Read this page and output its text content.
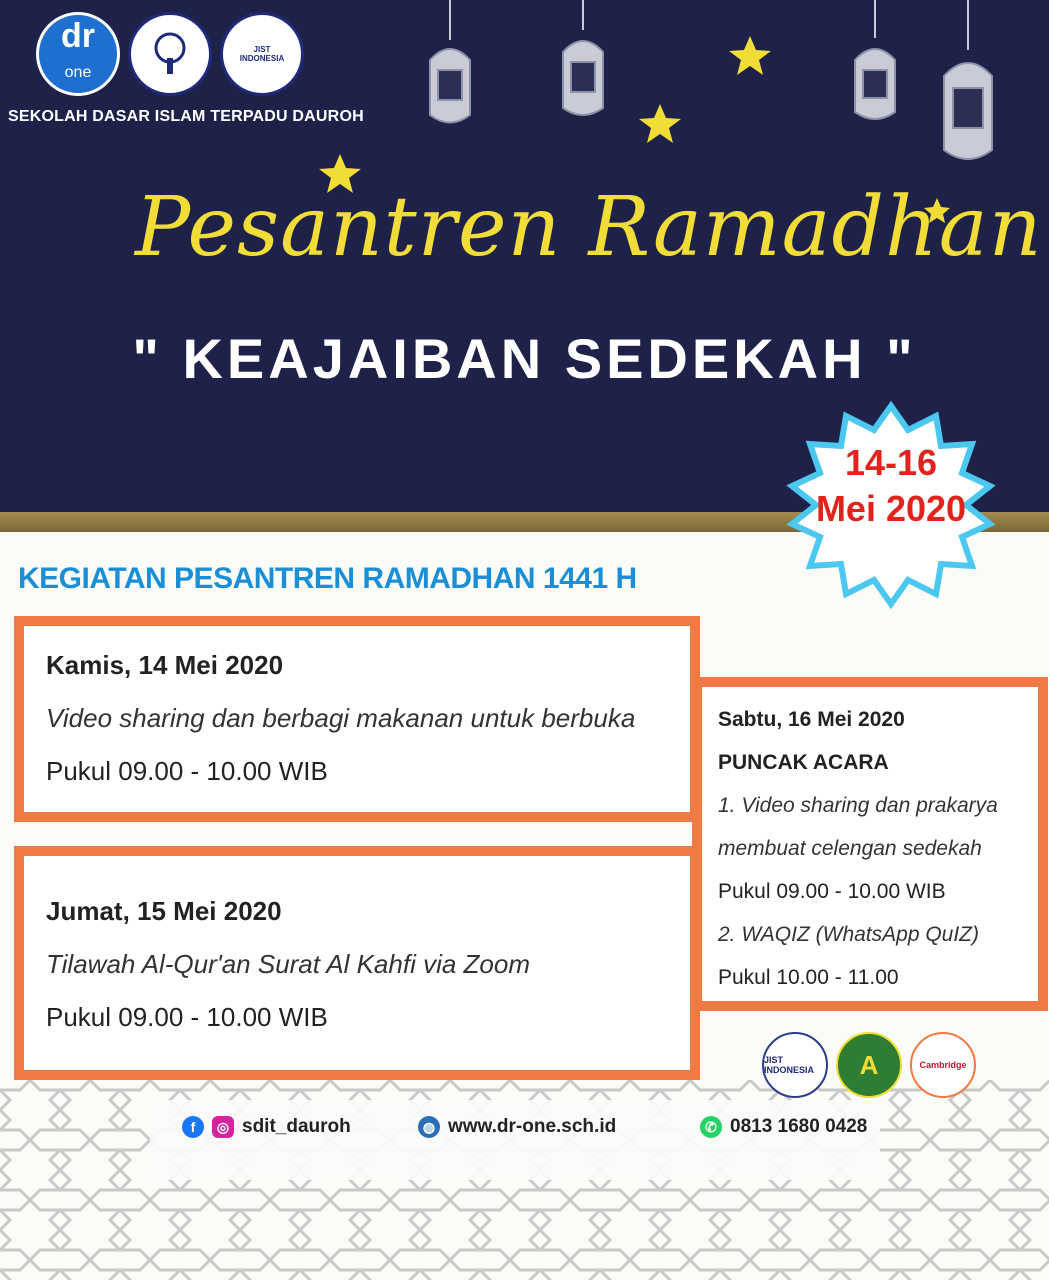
dr
one
JIST INDONESIA
SEKOLAH DASAR ISLAM TERPADU DAUROH
Pesantren Ramadhan
" KEAJAIBAN SEDEKAH "
14-16
Mei 2020
KEGIATAN PESANTREN RAMADHAN 1441 H
Kamis, 14 Mei 2020
Video sharing dan berbagi makanan untuk berbuka
Pukul 09.00 - 10.00 WIB
Jumat, 15 Mei 2020
Tilawah Al-Qur'an Surat Al Kahfi via Zoom
Pukul 09.00 - 10.00 WIB
Sabtu, 16 Mei 2020
PUNCAK ACARA
1. Video sharing dan prakarya
membuat celengan sedekah
Pukul 09.00 - 10.00 WIB
2. WAQIZ (WhatsApp QuIZ)
Pukul 10.00 - 11.00
JIST INDONESIA	A	Cambridge
f	◎ sdit_dauroh	◍ www.dr-one.sch.id	✆ 0813 1680 0428
